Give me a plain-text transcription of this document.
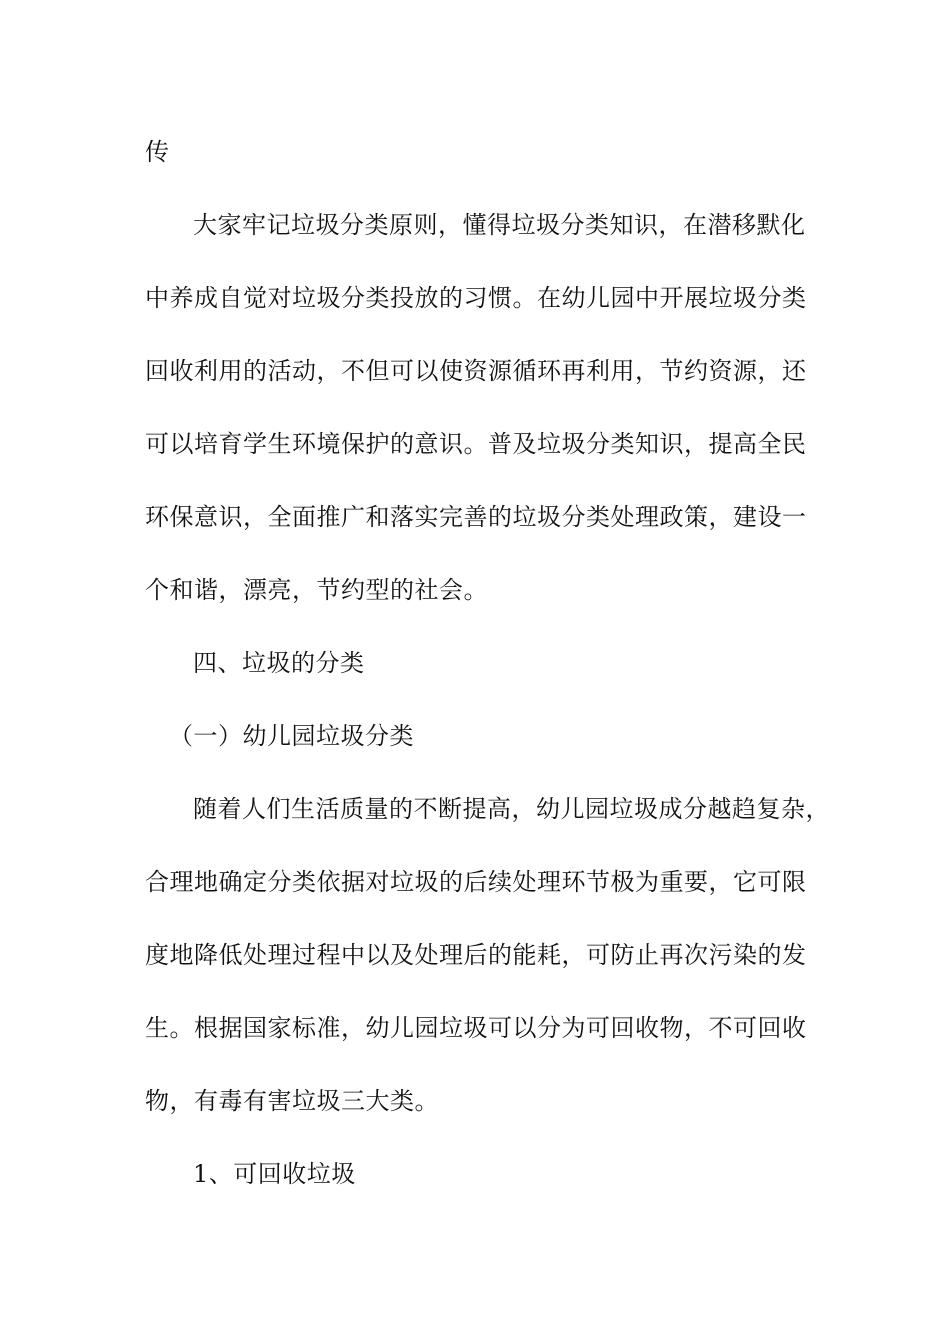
传
大家牢记垃圾分类原则，懂得垃圾分类知识，在潜移默化
中养成自觉对垃圾分类投放的习惯。在幼儿园中开展垃圾分类
回收利用的活动，不但可以使资源循环再利用，节约资源，还
可以培育学生环境保护的意识。普及垃圾分类知识，提高全民
环保意识，全面推广和落实完善的垃圾分类处理政策，建设一
个和谐，漂亮，节约型的社会。
四、垃圾的分类
（一）幼儿园垃圾分类
随着人们生活质量的不断提高，幼儿园垃圾成分越趋复杂，
合理地确定分类依据对垃圾的后续处理环节极为重要，它可限
度地降低处理过程中以及处理后的能耗，可防止再次污染的发
生。根据国家标准，幼儿园垃圾可以分为可回收物，不可回收
物，有毒有害垃圾三大类。
1、可回收垃圾
